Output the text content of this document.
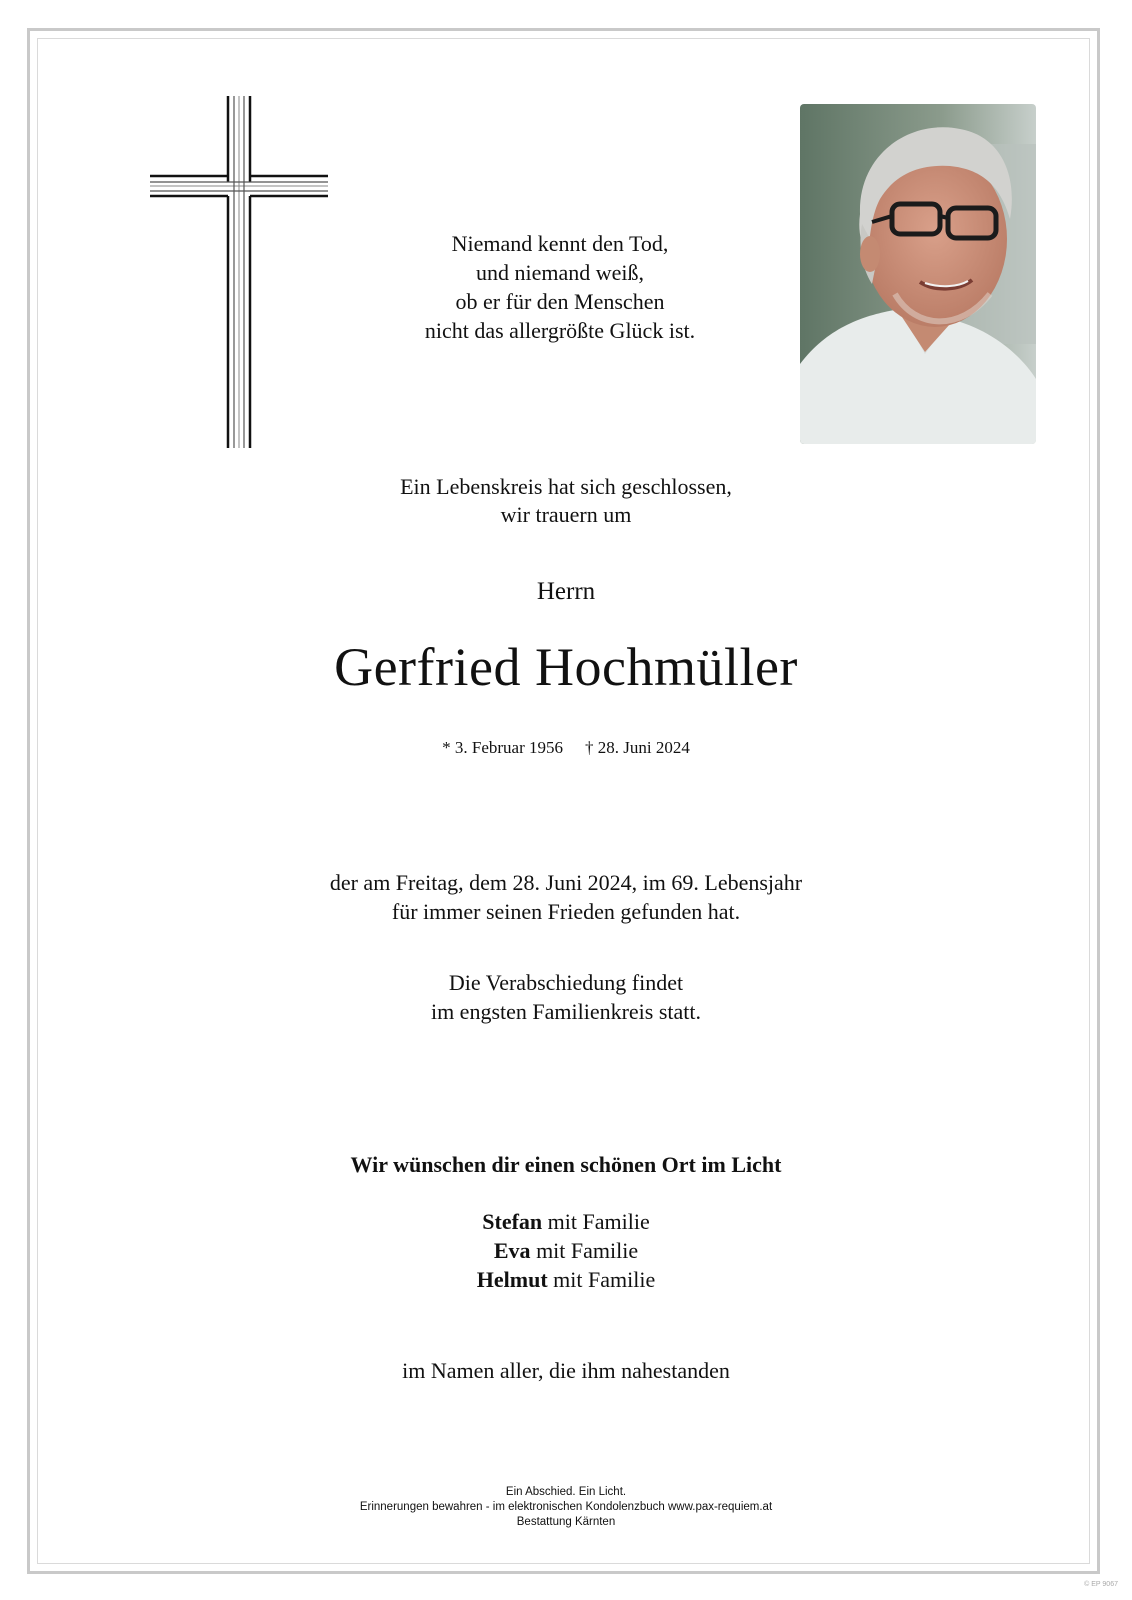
Niemand kennt den Tod,
und niemand weiß,
ob er für den Menschen
nicht das allergrößte Glück ist.
Ein Lebenskreis hat sich geschlossen,
wir trauern um
Herrn
Gerfried Hochmüller
* 3. Februar 1956 † 28. Juni 2024
der am Freitag, dem 28. Juni 2024, im 69. Lebensjahr
für immer seinen Frieden gefunden hat.
Die Verabschiedung findet
im engsten Familienkreis statt.
Wir wünschen dir einen schönen Ort im Licht
Stefan mit Familie
Eva mit Familie
Helmut mit Familie
im Namen aller, die ihm nahestanden
Ein Abschied. Ein Licht.
Erinnerungen bewahren - im elektronischen Kondolenzbuch www.pax-requiem.at
Bestattung Kärnten
© EP 9067
